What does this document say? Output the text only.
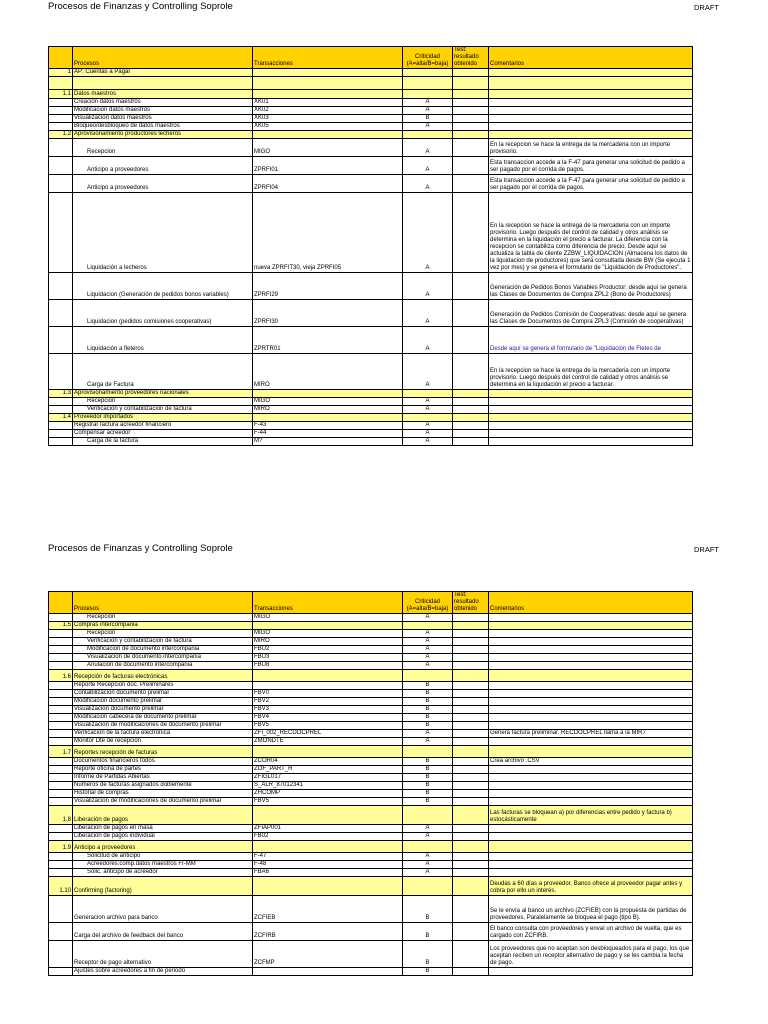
Procesos de Finanzas y Controlling Soprole	DRAFT
	Procesos	Transacciones	Criticidad (A=alta/B=baja)	Test: resultado obtenido	Comentarios
1	AP: Cuentas a Pagar				

1.1	Datos maestros				
	Creacion datos maestros	XK01	A		
	Modificacion datos maestros	XK02	A		
	Visualizacion datos maestros	XK03	B		
	Bloqueo/desbloqueo de datos maestros	XK05	A		
1.2	Aprovisionamiento productores lecheros				
	Recepcion	MIGO	A		En la recepcion se hace la entrega de la mercaderia con un importe provisorio.
	Anticipo a proveedores	ZPRFI01	A		Esta transaccion accede a la F-47 para generar una solicitud de pedido a ser pagado por el corrida de pagos.
	Anticipo a proveedores	ZPRFI04	A		Esta transaccion accede a la F-47 para generar una solicitud de pedido a ser pagado por el corrida de pagos.
	Liquidación a lecheros	nueva ZPRFIT30, vieja ZPRFI05	A		En la recepcion se hace la entrega de la mercaderia con un importe provisorio. Luego después del control de calidad y otros análisis se determina en la liquidación el precio a facturar. La diferencia con la recepcion se contabiliza como diferencia de precio. Desde aquí se actualiza la tabla de cliente ZZBW_LIQUIDACION (Almacena los datos de la liquidacion de productores) que será consultada desde BW (Se ejecuta 1 vez por mes) y se genera el formulario de "Liquidación de Productores".
	Liquidacion (Generación de pedidos bonos variables)	ZPRFI29	A		Generación de Pedidos Bonos Variables Productor: desde aquí se genera las Clases de Documentos de Compra ZPL2 (Bono de Productores)
	Liquidacion (pedidos comisiones cooperativas)	ZPRFI30	A		Generación de Pedidos Comisión de Cooperativas: desde aquí se genera las Clases de Documentos de Compra ZPL3 (Comisión de cooperativas)
	Liquidación a fleteros	ZPRTR01	A		Desde aquí se genera el formulario de "Liquidación de Fletes de
	Carga de Factura	MIRO	A		En la recepcion se hace la entrega de la mercaderia con un importe provisorio. Luego después del control de calidad y otros análisis se determina en la liquidación el precio a facturar.
1.3	Aprovisionamiento proveedores nacionales				
	Recepcion	MIGO	A		
	Verificacion y contabilizacion de factura	MIRO	A		
1.4	Proveedor importados				
	Registrar factura acreedor financiero	F-43	A		
	Compensar acreedor	F-44	A		
	Carga de la factura	M?	A		
Procesos de Finanzas y Controlling Soprole	DRAFT
	Procesos	Transacciones	Criticidad (A=alta/B=baja)	Test: resultado obtenido	Comentarios
	Recepcion	MIGO	A		
1.5	Compras intercompania				
	Recepcion	MIGO	A		
	Verificacion y contabilizacion de factura	MIRO	A		
	Modificacion de documento intercompania	FBU2	A		
	Visualizacion de documento intercompania	FBU3	A		
	Anulacion de documento intercompania	FBU8	A		
1.6	Recepción de facturas electrónicas				
	Reporte Recepcion doc. Preliminares		B		
	Contabilizacion documento prelimar	FBV0	B		
	Modificacion documento prelimar	FBV2	B		
	Visualizacion documento prelimar	FBV3	B		
	Modificacion cabecera de documento prelimar	FBV4	B		
	Visualizacion de modificaciones de documento prelimar	FBV5	B		
	Verificacion de la factura electronica	ZFI_002_RECDOCPREL	A		Genera factura preliminar. RECDOCPREL llama a la MIR7
	Monitor Dte de recepcion	ZMONDTE	A		
1.7	Reportes recepción de facturas				
	Documentos financieros todos	ZCOR04	B		Crea archivo .CSV
	Reporte oficina de partes	ZOF_PART_R	B		
	Informe de Partidas Abiertas	ZFIGL017	B		
	Numeros de facturas asignados doblemente	S_ALR_87012341	B		
	Historial de compras	ZHCOMP	B		
	Visualizacion de modificaciones de documento prelimar	FBV5	B		
1.8	Liberación de pagos				Las facturas se bloquean a) por diferencias entre pedido y factura b) estocásticamente
	Liberacion de pagos en masa	ZFIAP001	A		
	Liberacion de pagos individual	FB02	A		
1.9	Anticipo a proveedores				
	Solicitud de anticipo	F-47	A		
	Acreedores:comp.datos maestros FI-MM	F-48	A		
	Solic. anticipo de acreedor	FBA6	A		
1.10	Confirming (factoring)				Deudas a 60 días a proveedor. Banco ofrece al proveedor pagar antes y cobra por ello un interés.
	Generacion archivo para banco	ZCFIEB	B		Se le envía al banco un archivo (ZCFIEB) con la propuesta de partidas de proveedores. Paralelamente se bloquea el pago (tipo B).
	Carga del archivo de feedback del banco	ZCFIRB	B		El banco consulta con proveedores y envaí un archivo de vuelta, que es cargado con ZCFIRB.
	Receptor de pago alternativo	ZCFMP	B		Los proveedores que no aceptan son desbloqueados para el pago, los que aceptan reciben un receptor alternativo de pago y se les cambia la fecha de pago.
	Ajustes sobre acreedores a fin de periodo		B		
